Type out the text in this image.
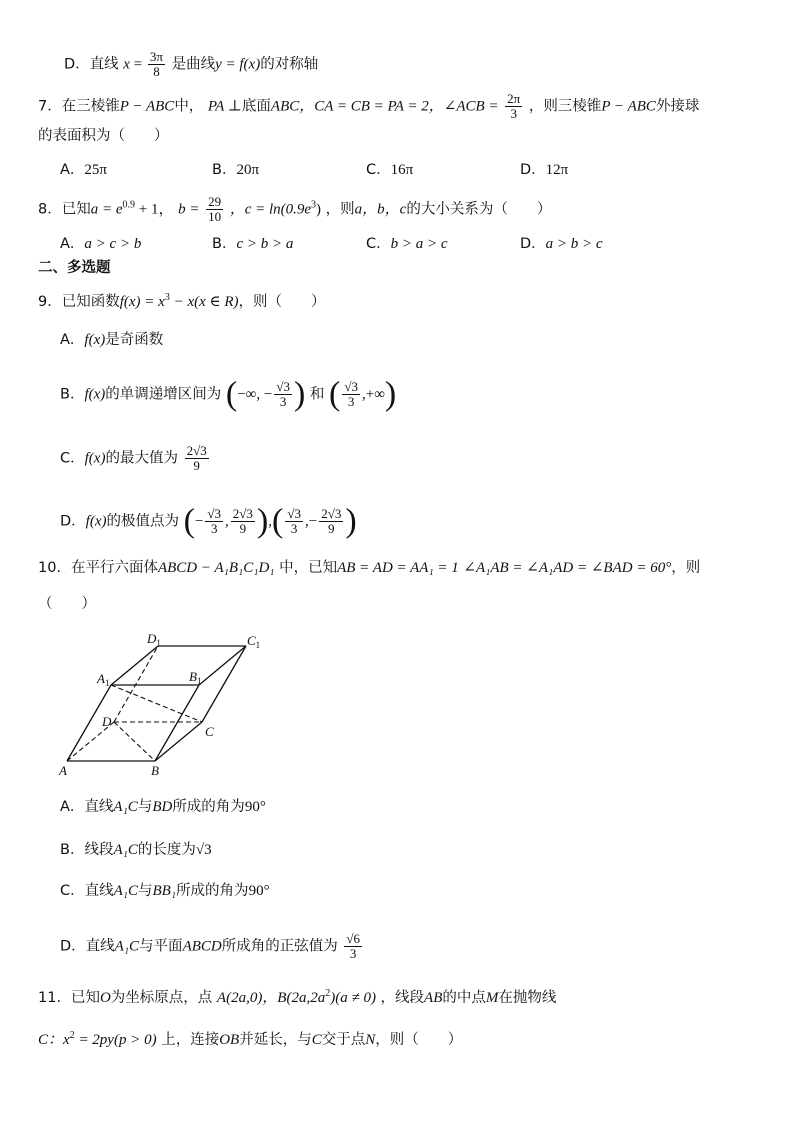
D．直线 $x = \frac{3\pi}{8}$ 是曲线y = f(x)的对称轴
7．在三棱锥P − ABC中， PA ⊥底面ABC，CA = CB = PA = 2，∠ACB = $\frac{2\pi}{3}$ ，则三棱锥P − ABC外接球
的表面积为（　　）
A．25π	B．20π	C．16π	D．12π
8．已知$a = e^{0.9} + 1$， $b = \frac{29}{10}$ ，$c = \ln(0.9e^3)$ ，则a，b，c的大小关系为（　　）
A．a > c > b	B．c > b > a	C．b > a > c	D．a > b > c
二、多选题
9．已知函数$f(x) = x^3 - x(x$ ∈ R)，则（　　）
A．f(x)是奇函数
B．f(x)的单调递增区间为 (−∞, − $\frac{√3}{3}$ ) 和 ( $\frac{√3}{3}$ ,+∞)
C．f(x)的最大值为 $\frac{2√3}{9}$
D．f(x)的极值点为 (− $\frac{√3}{3}$ , $\frac{2√3}{9}$ ),( $\frac{√3}{3}$ ,− $\frac{2√3}{9}$ )
10．在平行六面体ABCD − A₁B₁C₁D₁ 中，已知AB = AD = AA₁ = 1 ∠A₁AB = ∠A₁AD = ∠BAD = 60°，则
（　　）
$D_1$	$C_1$
$A_1$	$B_1$
D
C
A	B
A．直线A₁C与BD所成的角为90°
B．线段A₁C的长度为√3
C．直线A₁C与BB₁所成的角为90°
D．直线A₁C与平面ABCD所成角的正弦值为 $\frac{√6}{3}$
11．已知O为坐标原点，点 A(2a,0)，$B(2a,2a^2)(a \ne 0)$ ，线段AB的中点M在抛物线
C：$x^2 = 2py(p > 0)$ 上，连接OB并延长，与C交于点N，则（　　）
